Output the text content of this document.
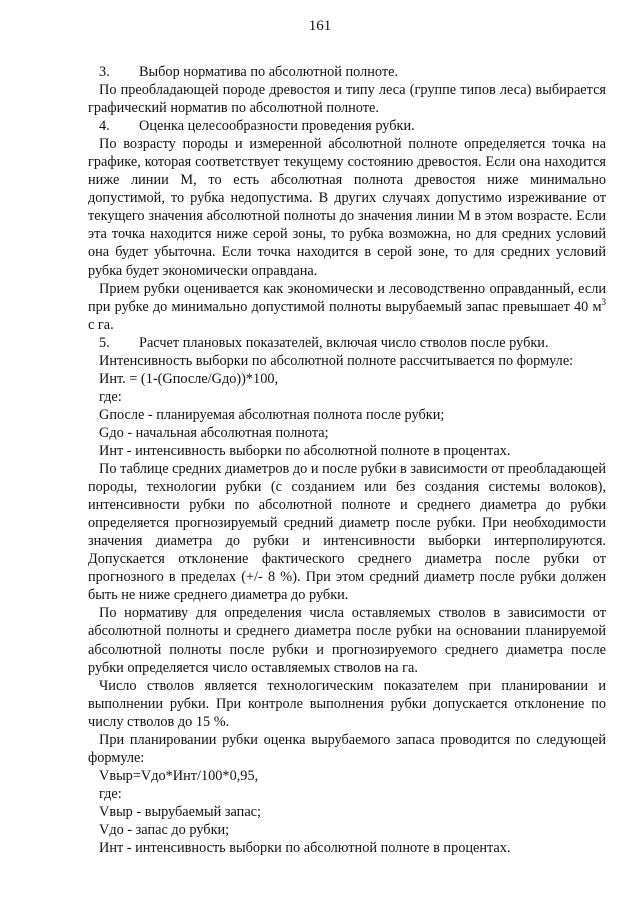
161

3. Выбор норматива по абсолютной полноте.

По преобладающей породе древостоя и типу леса (группе типов леса) выбирается графический норматив по абсолютной полноте.

4. Оценка целесообразности проведения рубки.

По возрасту породы и измеренной абсолютной полноте определяется точка на графике, которая соответствует текущему состоянию древостоя. Если она находится ниже линии М, то есть абсолютная полнота древостоя ниже минимально допустимой, то рубка недопустима. В других случаях допустимо изреживание от текущего значения абсолютной полноты до значения линии М в этом возрасте. Если эта точка находится ниже серой зоны, то рубка возможна, но для средних условий она будет убыточна. Если точка находится в серой зоне, то для средних условий рубка будет экономически оправдана.

Прием рубки оценивается как экономически и лесоводственно оправданный, если при рубке до минимально допустимой полноты вырубаемый запас превышает 40 $м^3$ с га.

5. Расчет плановых показателей, включая число стволов после рубки.

Интенсивность выборки по абсолютной полноте рассчитывается по формуле:

Инт. = (1-(Gпосле/Gдо))*100,

где:

Gпосле - планируемая абсолютная полнота после рубки;

Gдо - начальная абсолютная полнота;

Инт - интенсивность выборки по абсолютной полноте в процентах.

По таблице средних диаметров до и после рубки в зависимости от преобладающей породы, технологии рубки (с созданием или без создания системы волоков), интенсивности рубки по абсолютной полноте и среднего диаметра до рубки определяется прогнозируемый средний диаметр после рубки. При необходимости значения диаметра до рубки и интенсивности выборки интерполируются. Допускается отклонение фактического среднего диаметра после рубки от прогнозного в пределах (+/- 8 %). При этом средний диаметр после рубки должен быть не ниже среднего диаметра до рубки.

По нормативу для определения числа оставляемых стволов в зависимости от абсолютной полноты и среднего диаметра после рубки на основании планируемой абсолютной полноты после рубки и прогнозируемого среднего диаметра после рубки определяется число оставляемых стволов на га.

Число стволов является технологическим показателем при планировании и выполнении рубки. При контроле выполнения рубки допускается отклонение по числу стволов до 15 %.

При планировании рубки оценка вырубаемого запаса проводится по следующей формуле:

Vвыр=Vдо*Инт/100*0,95,

где:

Vвыр - вырубаемый запас;

Vдо - запас до рубки;

Инт - интенсивность выборки по абсолютной полноте в процентах.
